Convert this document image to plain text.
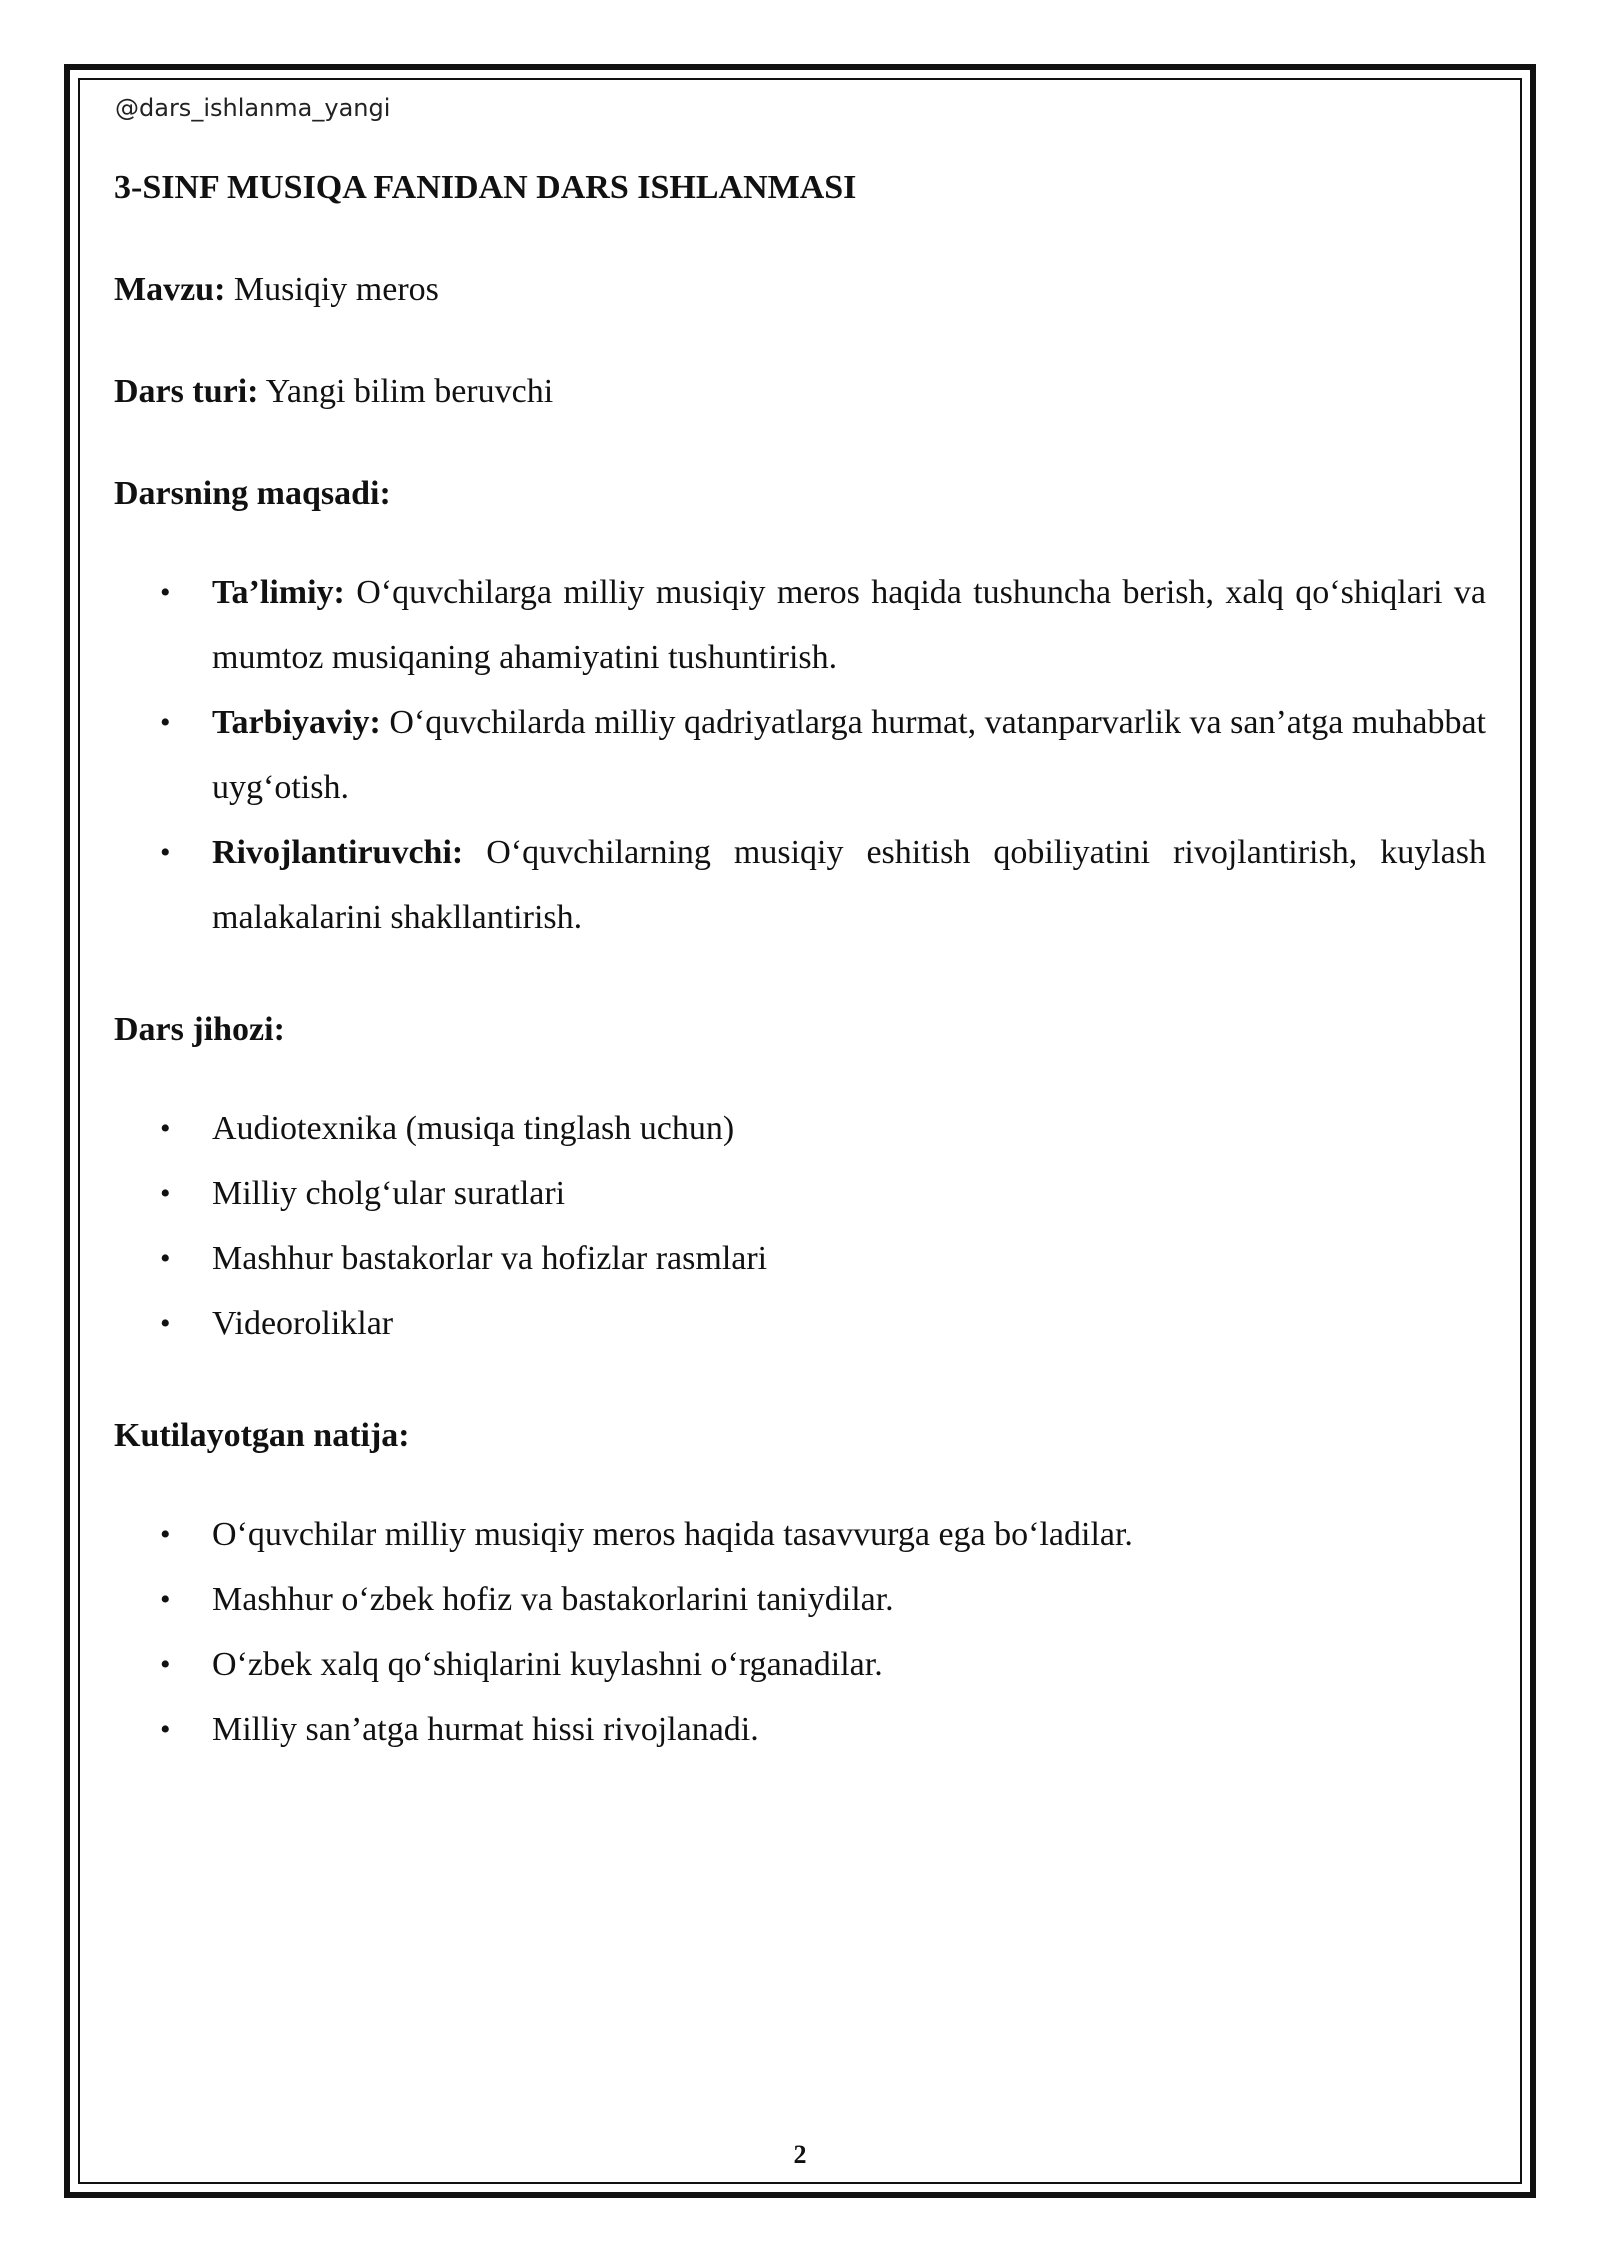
@dars_ishlanma_yangi
3-SINF MUSIQA FANIDAN DARS ISHLANMASI

Mavzu: Musiqiy meros

Dars turi: Yangi bilim beruvchi

Darsning maqsadi:

• Ta’limiy: O‘quvchilarga milliy musiqiy meros haqida tushuncha berish, xalq qo‘shiqlari va mumtoz musiqaning ahamiyatini tushuntirish.
• Tarbiyaviy: O‘quvchilarda milliy qadriyatlarga hurmat, vatanparvarlik va san’atga muhabbat uyg‘otish.
• Rivojlantiruvchi: O‘quvchilarning musiqiy eshitish qobiliyatini rivojlantirish, kuylash malakalarini shakllantirish.

Dars jihozi:

• Audiotexnika (musiqa tinglash uchun)
• Milliy cholg‘ular suratlari
• Mashhur bastakorlar va hofizlar rasmlari
• Videoroliklar

Kutilayotgan natija:

• O‘quvchilar milliy musiqiy meros haqida tasavvurga ega bo‘ladilar.
• Mashhur o‘zbek hofiz va bastakorlarini taniydilar.
• O‘zbek xalq qo‘shiqlarini kuylashni o‘rganadilar.
• Milliy san’atga hurmat hissi rivojlanadi.
2
